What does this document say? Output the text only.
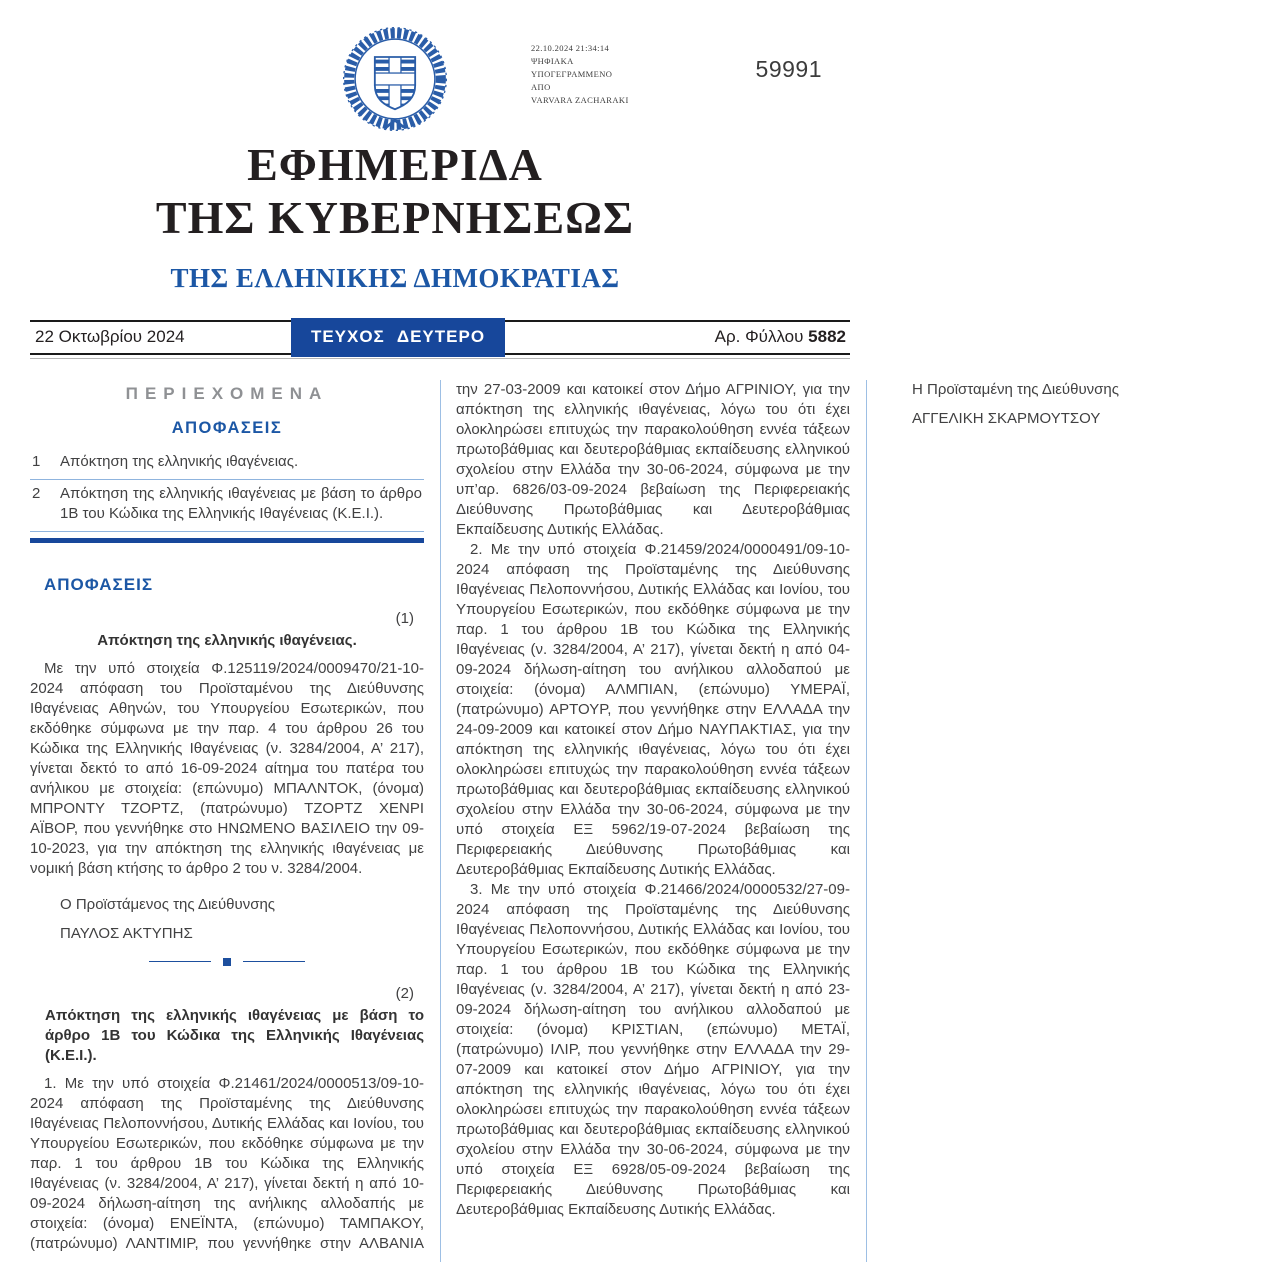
22.10.2024 21:34:14
ΨΗΦΙΑΚΑ
ΥΠΟΓΕΓΡΑΜΜΕΝΟ
ΑΠΟ
VARVARA ZACHARAKI
59991
ΕΦΗΜΕΡΙΔΑ
ΤΗΣ ΚΥΒΕΡΝΗΣΕΩΣ
ΤΗΣ ΕΛΛΗΝΙΚΗΣ ΔΗΜΟΚΡΑΤΙΑΣ
22 Οκτωβρίου 2024	ΤΕΥΧΟΣ ΔΕΥΤΕΡΟ	Αρ. Φύλλου 5882
ΠΕΡΙΕΧΟΜΕΝΑ
ΑΠΟΦΑΣΕΙΣ
1 Απόκτηση της ελληνικής ιθαγένειας.
2 Απόκτηση της ελληνικής ιθαγένειας με βάση το άρθρο 1Β του Κώδικα της Ελληνικής Ιθαγένειας (Κ.Ε.Ι.).
ΑΠΟΦΑΣΕΙΣ
(1)
Απόκτηση της ελληνικής ιθαγένειας.

Με την υπό στοιχεία Φ.125119/2024/0009470/21-10-2024 απόφαση του Προϊσταμένου της Διεύθυνσης Ιθαγένειας Αθηνών, του Υπουργείου Εσωτερικών, που εκδόθηκε σύμφωνα με την παρ. 4 του άρθρου 26 του Κώδικα της Ελληνικής Ιθαγένειας (ν. 3284/2004, Α’ 217), γίνεται δεκτό το από 16-09-2024 αίτημα του πατέρα του ανήλικου με στοιχεία: (επώνυμο) ΜΠΑΛΝΤΟΚ, (όνομα) ΜΠΡΟΝΤΥ ΤΖΟΡΤΖ, (πατρώνυμο) ΤΖΟΡΤΖ ΧΕΝΡΙ ΑΪΒΟΡ, που γεννήθηκε στο ΗΝΩΜΕΝΟ ΒΑΣΙΛΕΙΟ την 09-10-2023, για την απόκτηση της ελληνικής ιθαγένειας με νομική βάση κτήσης το άρθρο 2 του ν. 3284/2004.

Ο Προϊστάμενος της Διεύθυνσης
ΠΑΥΛΟΣ ΑΚΤΥΠΗΣ
(2)
Απόκτηση της ελληνικής ιθαγένειας με βάση το άρθρο 1Β του Κώδικα της Ελληνικής Ιθαγένειας (Κ.Ε.Ι.).

1. Με την υπό στοιχεία Φ.21461/2024/0000513/09-10-2024 απόφαση της Προϊσταμένης της Διεύθυνσης Ιθαγένειας Πελοποννήσου, Δυτικής Ελλάδας και Ιονίου, του Υπουργείου Εσωτερικών, που εκδόθηκε σύμφωνα με την παρ. 1 του άρθρου 1Β του Κώδικα της Ελληνικής Ιθαγένειας (ν. 3284/2004, Α’ 217), γίνεται δεκτή η από 10-09-2024 δήλωση-αίτηση της ανήλικης αλλοδαπής με στοιχεία: (όνομα) ΕΝΕΪΝΤΑ, (επώνυμο) ΤΑΜΠΑΚΟΥ, (πατρώνυμο) ΛΑΝΤΙΜΙΡ, που γεννήθηκε στην ΑΛΒΑΝΙΑ την 27-03-2009 και κατοικεί στον Δήμο ΑΓΡΙΝΙΟΥ, για την απόκτηση της ελληνικής ιθαγένειας, λόγω του ότι έχει ολοκληρώσει επιτυχώς την παρακολούθηση εννέα τάξεων πρωτοβάθμιας και δευτεροβάθμιας εκπαίδευσης ελληνικού σχολείου στην Ελλάδα την 30-06-2024, σύμφωνα με την υπ’αρ. 6826/03-09-2024 βεβαίωση της Περιφερειακής Διεύθυνσης Πρωτοβάθμιας και Δευτεροβάθμιας Εκπαίδευσης Δυτικής Ελλάδας.

2. Με την υπό στοιχεία Φ.21459/2024/0000491/09-10-2024 απόφαση της Προϊσταμένης της Διεύθυνσης Ιθαγένειας Πελοποννήσου, Δυτικής Ελλάδας και Ιονίου, του Υπουργείου Εσωτερικών, που εκδόθηκε σύμφωνα με την παρ. 1 του άρθρου 1Β του Κώδικα της Ελληνικής Ιθαγένειας (ν. 3284/2004, Α’ 217), γίνεται δεκτή η από 04-09-2024 δήλωση-αίτηση του ανήλικου αλλοδαπού με στοιχεία: (όνομα) ΑΛΜΠΙΑΝ, (επώνυμο) ΥΜΕΡΑΪ, (πατρώνυμο) ΑΡΤΟΥΡ, που γεννήθηκε στην ΕΛΛΑΔΑ την 24-09-2009 και κατοικεί στον Δήμο ΝΑΥΠΑΚΤΙΑΣ, για την απόκτηση της ελληνικής ιθαγένειας, λόγω του ότι έχει ολοκληρώσει επιτυχώς την παρακολούθηση εννέα τάξεων πρωτοβάθμιας και δευτεροβάθμιας εκπαίδευσης ελληνικού σχολείου στην Ελλάδα την 30-06-2024, σύμφωνα με την υπό στοιχεία ΕΞ 5962/19-07-2024 βεβαίωση της Περιφερειακής Διεύθυνσης Πρωτοβάθμιας και Δευτεροβάθμιας Εκπαίδευσης Δυτικής Ελλάδας.

3. Με την υπό στοιχεία Φ.21466/2024/0000532/27-09-2024 απόφαση της Προϊσταμένης της Διεύθυνσης Ιθαγένειας Πελοποννήσου, Δυτικής Ελλάδας και Ιονίου, του Υπουργείου Εσωτερικών, που εκδόθηκε σύμφωνα με την παρ. 1 του άρθρου 1Β του Κώδικα της Ελληνικής Ιθαγένειας (ν. 3284/2004, Α’ 217), γίνεται δεκτή η από 23-09-2024 δήλωση-αίτηση του ανήλικου αλλοδαπού με στοιχεία: (όνομα) ΚΡΙΣΤΙΑΝ, (επώνυμο) ΜΕΤΑΪ, (πατρώνυμο) ΙΛΙΡ, που γεννήθηκε στην ΕΛΛΑΔΑ την 29-07-2009 και κατοικεί στον Δήμο ΑΓΡΙΝΙΟΥ, για την απόκτηση της ελληνικής ιθαγένειας, λόγω του ότι έχει ολοκληρώσει επιτυχώς την παρακολούθηση εννέα τάξεων πρωτοβάθμιας και δευτεροβάθμιας εκπαίδευσης ελληνικού σχολείου στην Ελλάδα την 30-06-2024, σύμφωνα με την υπό στοιχεία ΕΞ 6928/05-09-2024 βεβαίωση της Περιφερειακής Διεύθυνσης Πρωτοβάθμιας και Δευτεροβάθμιας Εκπαίδευσης Δυτικής Ελλάδας.

Η Προϊσταμένη της Διεύθυνσης
ΑΓΓΕΛΙΚΗ ΣΚΑΡΜΟΥΤΣΟΥ
